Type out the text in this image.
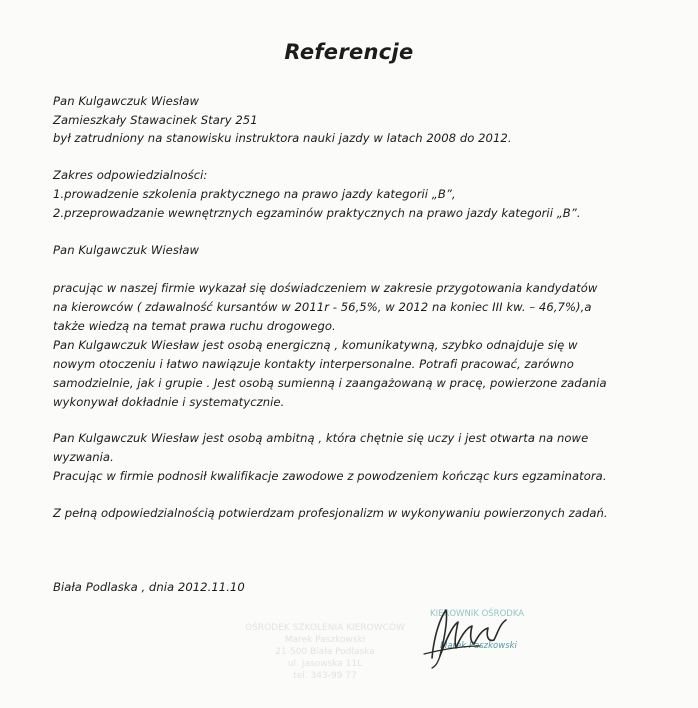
Referencje
Pan Kulgawczuk Wiesław
Zamieszkały Stawacinek Stary 251
był zatrudniony na stanowisku instruktora nauki jazdy w latach 2008 do 2012.
Zakres odpowiedzialności:
1.prowadzenie szkolenia praktycznego na prawo jazdy kategorii „B”,
2.przeprowadzanie wewnętrznych egzaminów praktycznych na prawo jazdy kategorii „B”.
Pan Kulgawczuk Wiesław
pracując w naszej firmie wykazał się doświadczeniem w zakresie przygotowania kandydatów
na kierowców ( zdawalność kursantów w 2011r - 56,5%, w 2012 na koniec III kw. – 46,7%),a
także wiedzą na temat prawa ruchu drogowego.
Pan Kulgawczuk Wiesław jest osobą energiczną , komunikatywną, szybko odnajduje się w
nowym otoczeniu i łatwo nawiązuje kontakty interpersonalne. Potrafi pracować, zarówno
samodzielnie, jak i grupie . Jest osobą sumienną i zaangażowaną w pracę, powierzone zadania
wykonywał dokładnie i systematycznie.
Pan Kulgawczuk Wiesław jest osobą ambitną , która chętnie się uczy i jest otwarta na nowe
wyzwania.
Pracując w firmie podnosił kwalifikacje zawodowe z powodzeniem kończąc kurs egzaminatora.
Z pełną odpowiedzialnością potwierdzam profesjonalizm w wykonywaniu powierzonych zadań.
Biała Podlaska , dnia 2012.11.10
OŚRODEK SZKOLENIA KIEROWCÓW
Marek Paszkowski
21-500 Biała Podlaska
ul. Jasowska 11L
tel. 343-99 77
KIEROWNIK OŚRODKA
Marek Paszkowski
